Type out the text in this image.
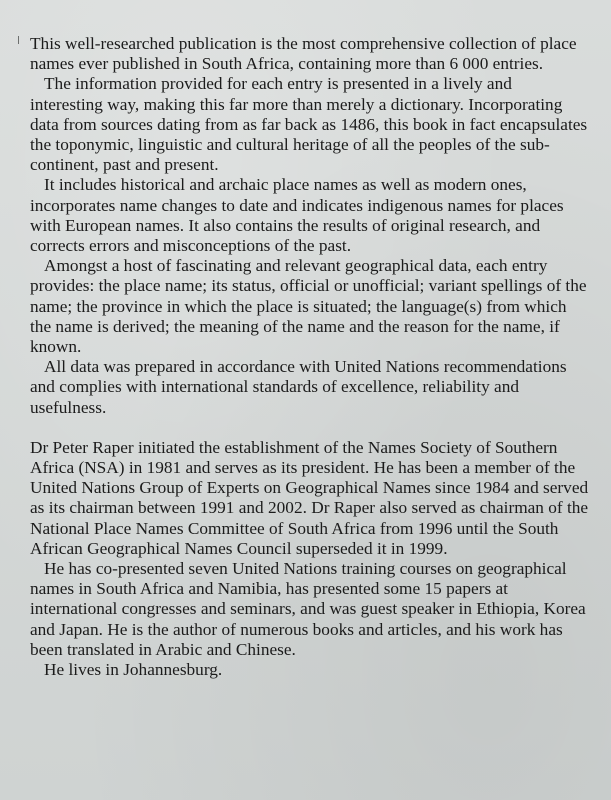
This well-researched publication is the most comprehensive collection of place names ever published in South Africa, containing more than 6 000 entries.

The information provided for each entry is presented in a lively and interesting way, making this far more than merely a dictionary. Incorporating data from sources dating from as far back as 1486, this book in fact encapsulates the toponymic, linguistic and cultural heritage of all the peoples of the sub-continent, past and present.

It includes historical and archaic place names as well as modern ones, incorporates name changes to date and indicates indigenous names for places with European names. It also contains the results of original research, and corrects errors and misconceptions of the past.

Amongst a host of fascinating and relevant geographical data, each entry provides: the place name; its status, official or unofficial; variant spellings of the name; the province in which the place is situated; the language(s) from which the name is derived; the meaning of the name and the reason for the name, if known.

All data was prepared in accordance with United Nations recommendations and complies with international standards of excellence, reliability and usefulness.

Dr Peter Raper initiated the establishment of the Names Society of Southern Africa (NSA) in 1981 and serves as its president. He has been a member of the United Nations Group of Experts on Geographical Names since 1984 and served as its chairman between 1991 and 2002. Dr Raper also served as chairman of the National Place Names Committee of South Africa from 1996 until the South African Geographical Names Council superseded it in 1999.

He has co-presented seven United Nations training courses on geographical names in South Africa and Namibia, has presented some 15 papers at international congresses and seminars, and was guest speaker in Ethiopia, Korea and Japan. He is the author of numerous books and articles, and his work has been translated in Arabic and Chinese.

He lives in Johannesburg.
